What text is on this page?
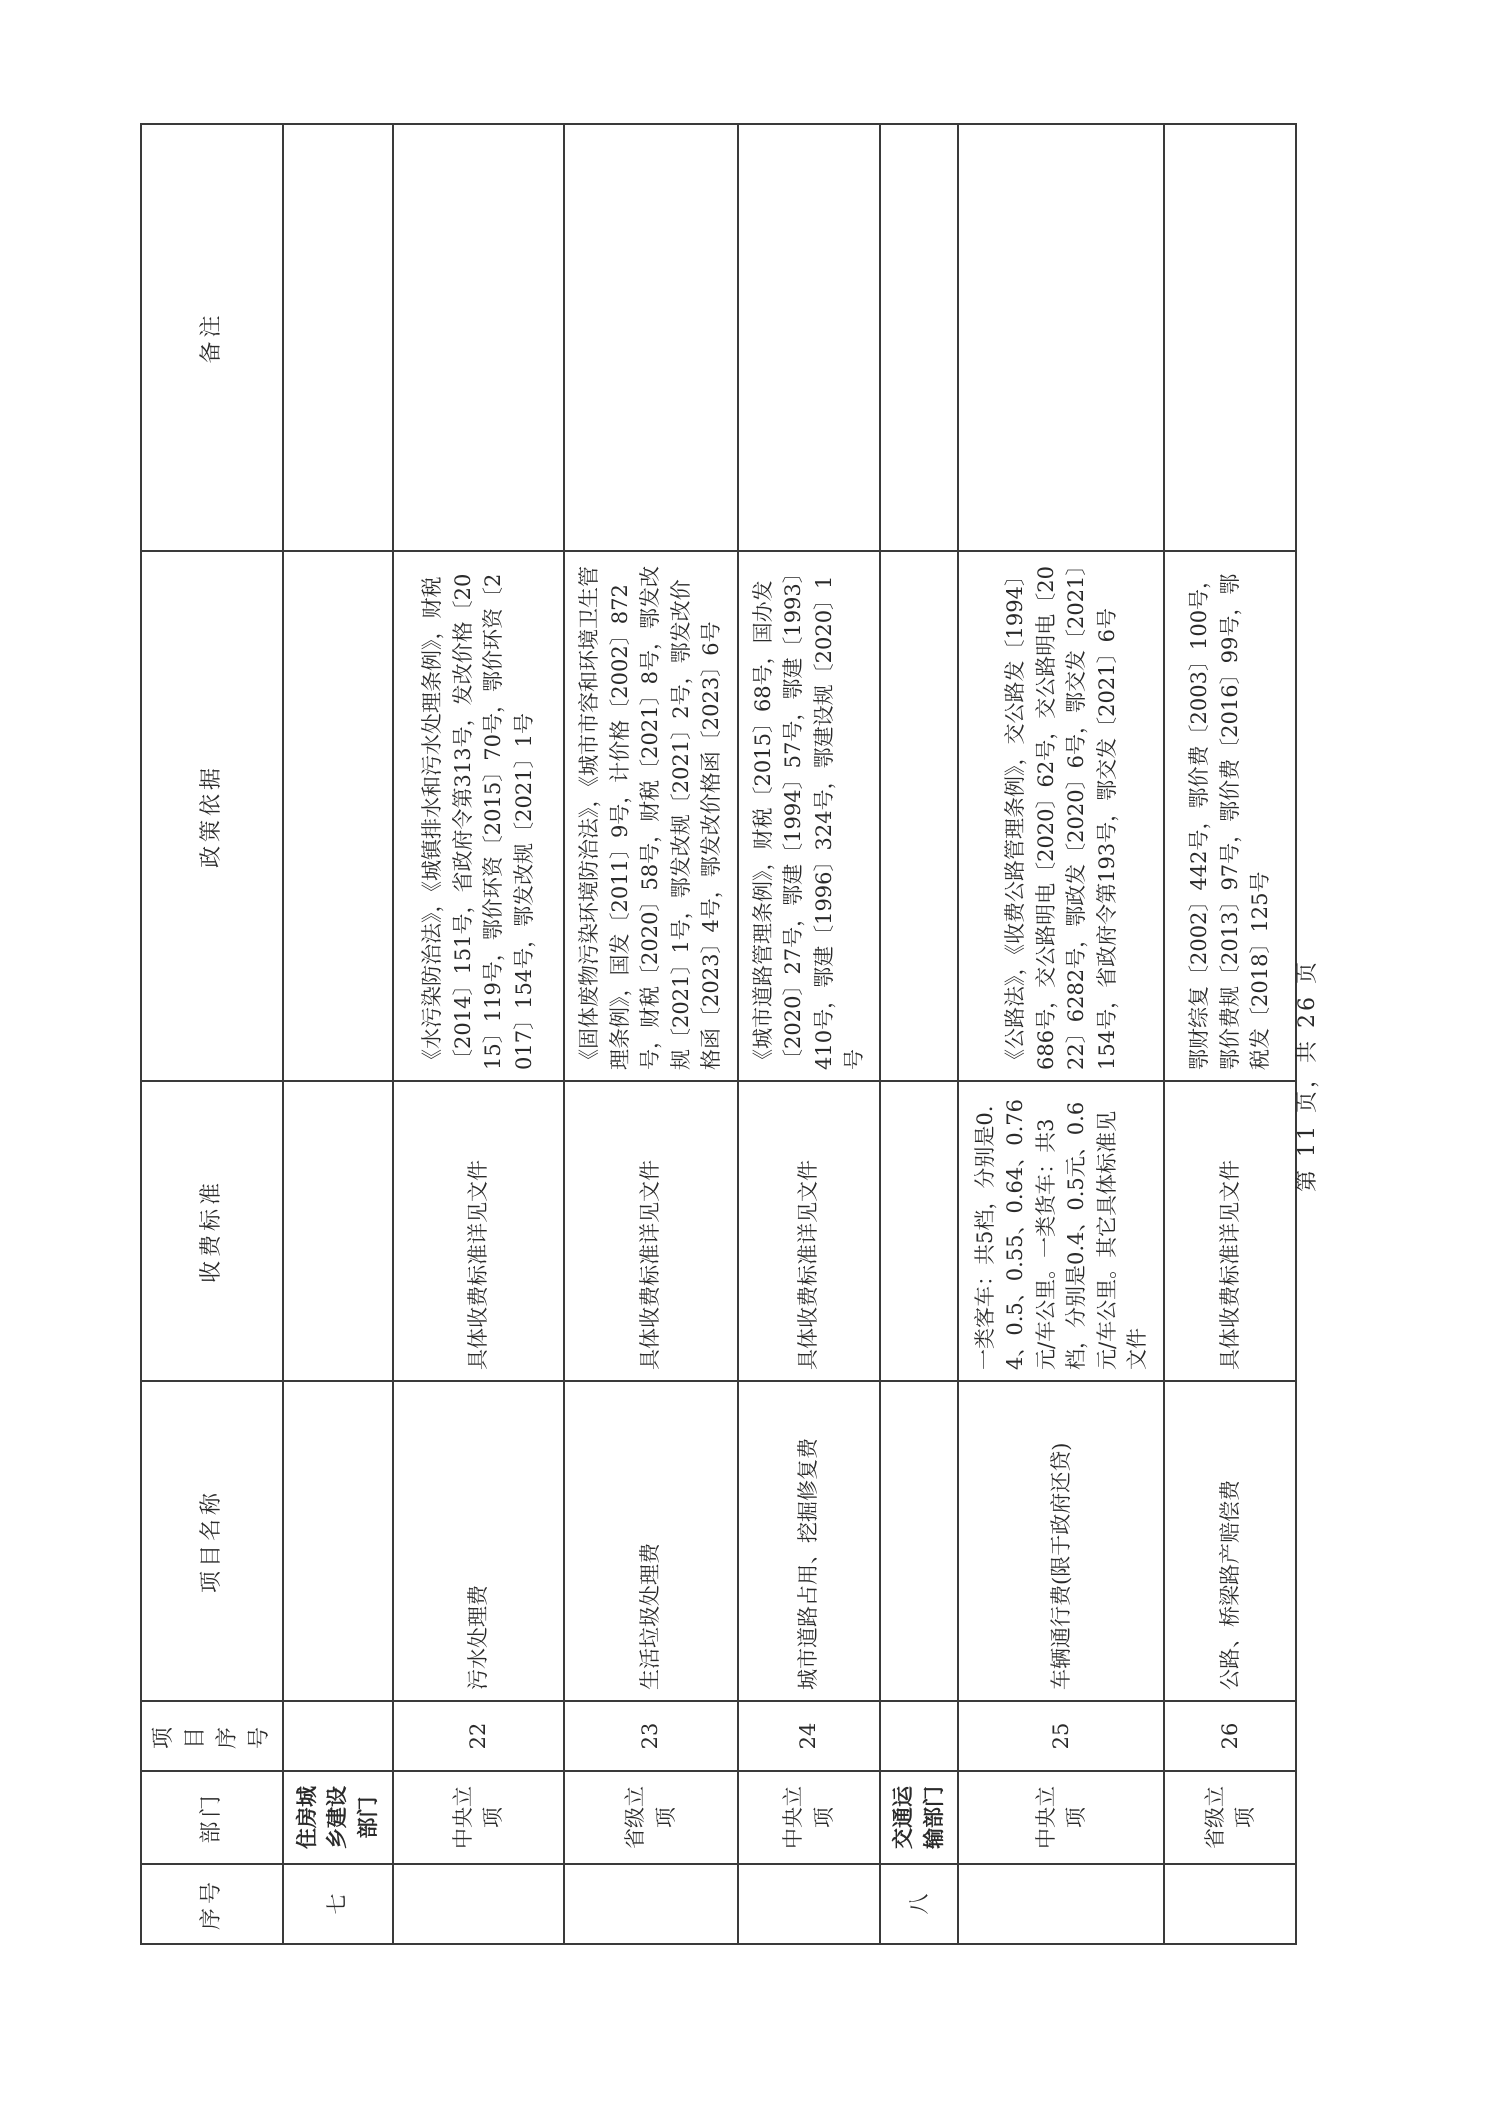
序号	部门	项目序号	项目名称	收费标准	政策依据	备注
七	住房城乡建设部门					
	中央立项	22	污水处理费	具体收费标准详见文件	《水污染防治法》，《城镇排水和污水处理条例》，财税〔2014〕151号，省政府令第313号，发改价格〔2015〕119号，鄂价环资〔2015〕70号，鄂价环资〔2017〕154号，鄂发改规〔2021〕1号	
	省级立项	23	生活垃圾处理费	具体收费标准详见文件	《固体废物污染环境防治法》，《城市市容和环境卫生管理条例》，国发〔2011〕9号，计价格〔2002〕872号，财税〔2020〕58号，财税〔2021〕8号，鄂发改规〔2021〕1号，鄂发改规〔2021〕2号，鄂发改价格函〔2023〕4号，鄂发改价格函〔2023〕6号	
	中央立项	24	城市道路占用、挖掘修复费	具体收费标准详见文件	《城市道路管理条例》，财税〔2015〕68号，国办发〔2020〕27号，鄂建〔1994〕57号，鄂建〔1993〕410号，鄂建〔1996〕324号，鄂建设规〔2020〕1号	
八	交通运输部门					
	中央立项	25	车辆通行费(限于政府还贷)	一类客车：共5档，分别是0.4、0.5、0.55、0.64、0.76元/车公里。一类货车：共3档，分别是0.4、0.5元、0.6元/车公里。其它具体标准见文件	《公路法》，《收费公路管理条例》，交公路发〔1994〕686号，交公路明电〔2020〕62号，交公路明电〔2022〕6282号，鄂政发〔2020〕6号，鄂交发〔2021〕154号，省政府令第193号，鄂交发〔2021〕6号	
	省级立项	26	公路、桥梁路产赔偿费	具体收费标准详见文件	鄂财综复〔2002〕442号，鄂价费〔2003〕100号，鄂价费规〔2013〕97号，鄂价费〔2016〕99号，鄂税发〔2018〕125号	第 11 页，共 26 页
